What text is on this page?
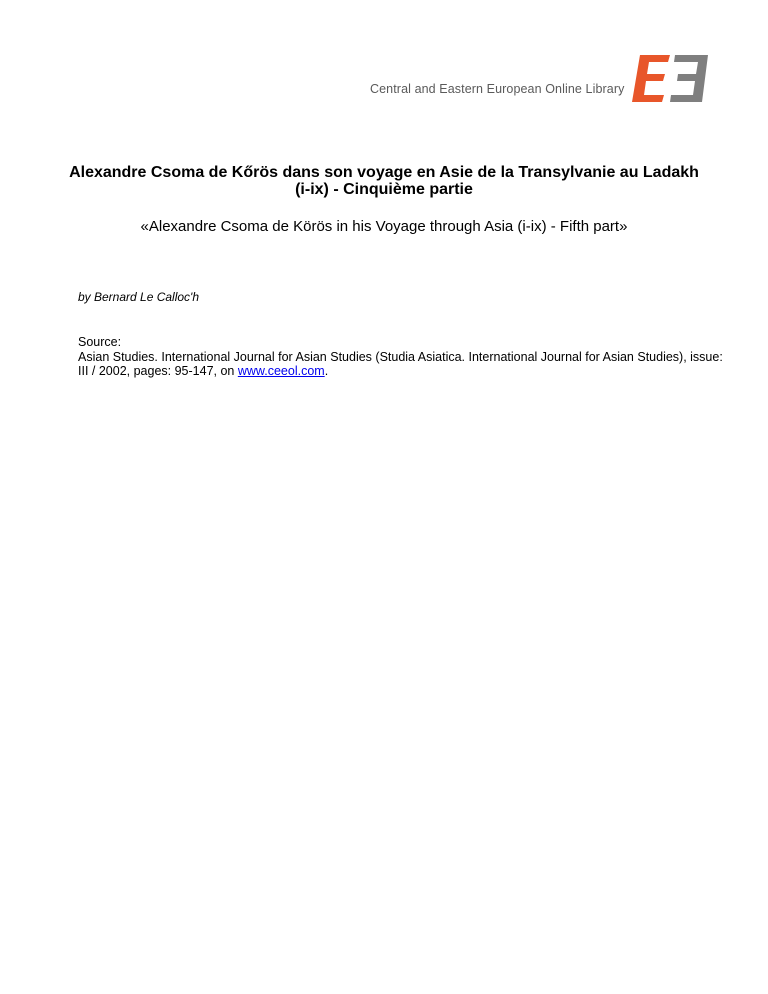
Central and Eastern European Online Library
Alexandre Csoma de Kőrös dans son voyage en Asie de la Transylvanie au Ladakh (i-ix) - Cinquième partie

«Alexandre Csoma de Körös in his Voyage through Asia (i-ix) - Fifth part»

by Bernard Le Calloc'h

Source:
Asian Studies. International Journal for Asian Studies (Studia Asiatica. International Journal for Asian Studies), issue: III / 2002, pages: 95-147, on www.ceeol.com.
